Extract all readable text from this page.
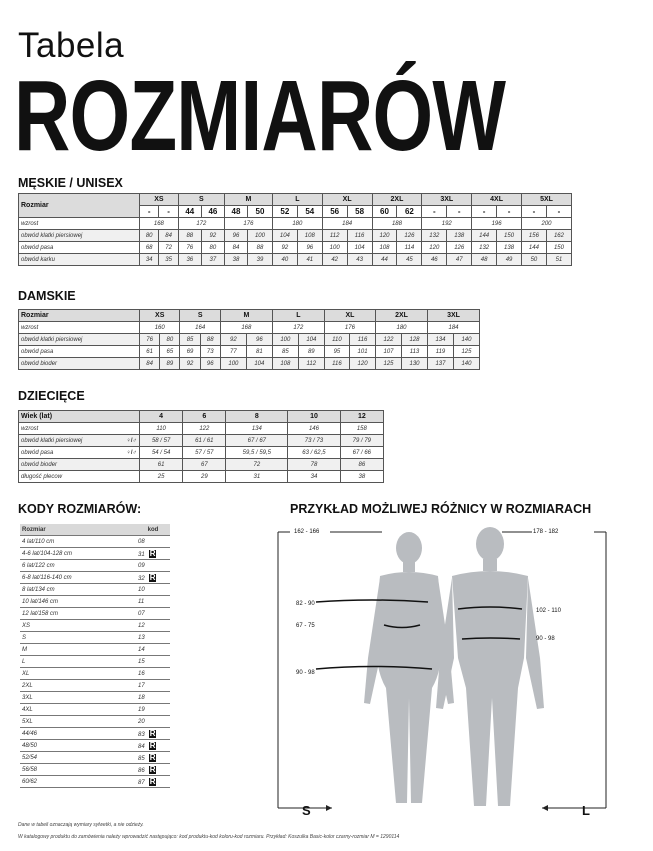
Tabela
ROZMIARÓW
MĘSKIE / UNISEX
Rozmiar	XS		S		M		L		XL		2XL		3XL		4XL		5XL	
	-	-	44	46	48	50	52	54	56	58	60	62	-	-	-	-	-	-
wzrost	168		172		176		180		184		188		192		196		200	
obwód klatki piersiowej	80	84	88	92	96	100	104	108	112	116	120	126	132	138	144	150	156	162
obwód pasa	68	72	76	80	84	88	92	96	100	104	108	114	120	126	132	138	144	150
obwód karku	34	35	36	37	38	39	40	41	42	43	44	45	46	47	48	49	50	51
DAMSKIE
Rozmiar	XS		S		M		L		XL		2XL		3XL	
wzrost	160		164		168		172		176		180		184	
obwód klatki piersiowej	76	80	85	88	92	96	100	104	110	116	122	128	134	140
obwód pasa	61	65	69	73	77	81	85	89	95	101	107	113	119	125
obwód bioder	84	89	92	96	100	104	108	112	116	120	125	130	137	140
DZIECIĘCE
Wiek (lat)	4	6	8	10	12
wzrost	110	122	134	146	158
obwód klatki piersiowej ♀/♂	58 / 57	61 / 61	67 / 67	73 / 73	79 / 79
obwód pasa ♀/♂	54 / 54	57 / 57	59,5 / 59,5	63 / 62,5	67 / 66
obwód bioder	61	67	72	78	86
długość plecow	25	29	31	34	38
KODY ROZMIARÓW:
Rozmiar	kod
4 lat/110 cm	08
4-6 lat/104-128 cm	31 R
6 lat/122 cm	09
6-8 lat/116-140 cm	32 R
8 lat/134 cm	10
10 lat/146 cm	11
12 lat/158 cm	07
XS	12
S	13
M	14
L	15
XL	16
2XL	17
3XL	18
4XL	19
5XL	20
44/46	83 R
48/50	84 R
52/54	85 R
56/58	86 R
60/62	87 R
PRZYKŁAD MOŻLIWEJ RÓŻNICY W ROZMIARACH
162 - 166	178 - 182
82 - 90
67 - 75
90 - 98
102 - 110
90 - 98
S	L
Dane w tabeli oznaczają wymiary sylwetki, a nie odzieży.
W katalogowy produktu do zamówienia należy wprowadzić następująco: kod produktu-kod koloru-kod rozmiaru. Przykład: Koszulka Basic-kolor czarny-rozmiar M = 1290114
